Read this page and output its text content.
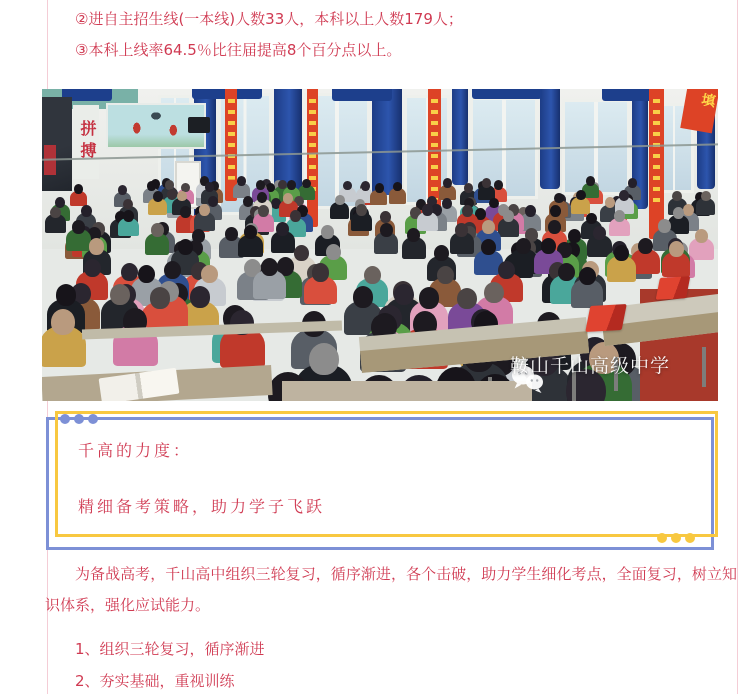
②进自主招生线(一本线)人数33人，本科以上人数179人；

③本科上线率64.5％比往届提高8个百分点以上。

填
拼搏
鞍山千山高级中学

千高的力度：

精细备考策略，助力学子飞跃

为备战高考，千山高中组织三轮复习，循序渐进，各个击破，助力学生细化考点，全面复习，树立知识体系，强化应试能力。

1、组织三轮复习，循序渐进

2、夯实基础，重视训练
